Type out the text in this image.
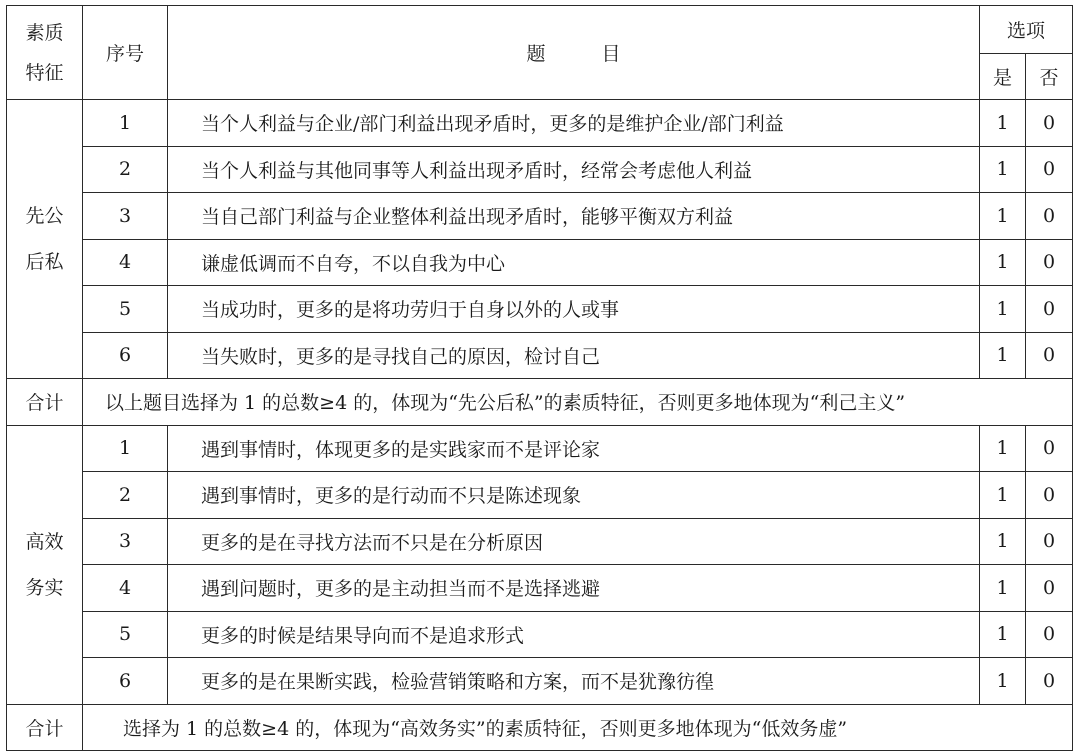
素质
特征	序号	题 目	选项	
			是	否

先公
后私	1	当个人利益与企业/部门利益出现矛盾时，更多的是维护企业/部门利益	1	0
	2	当个人利益与其他同事等人利益出现矛盾时，经常会考虑他人利益	1	0
	3	当自己部门利益与企业整体利益出现矛盾时，能够平衡双方利益	1	0
	4	谦虚低调而不自夸，不以自我为中心	1	0
	5	当成功时，更多的是将功劳归于自身以外的人或事	1	0
	6	当失败时，更多的是寻找自己的原因，检讨自己	1	0
合计	以上题目选择为 1 的总数≥4 的，体现为“先公后私”的素质特征，否则更多地体现为“利己主义”			

高效
务实	1	遇到事情时，体现更多的是实践家而不是评论家	1	0
	2	遇到事情时，更多的是行动而不只是陈述现象	1	0
	3	更多的是在寻找方法而不只是在分析原因	1	0
	4	遇到问题时，更多的是主动担当而不是选择逃避	1	0
	5	更多的时候是结果导向而不是追求形式	1	0
	6	更多的是在果断实践，检验营销策略和方案，而不是犹豫彷徨	1	0
合计	选择为 1 的总数≥4 的，体现为“高效务实”的素质特征，否则更多地体现为“低效务虚”			
